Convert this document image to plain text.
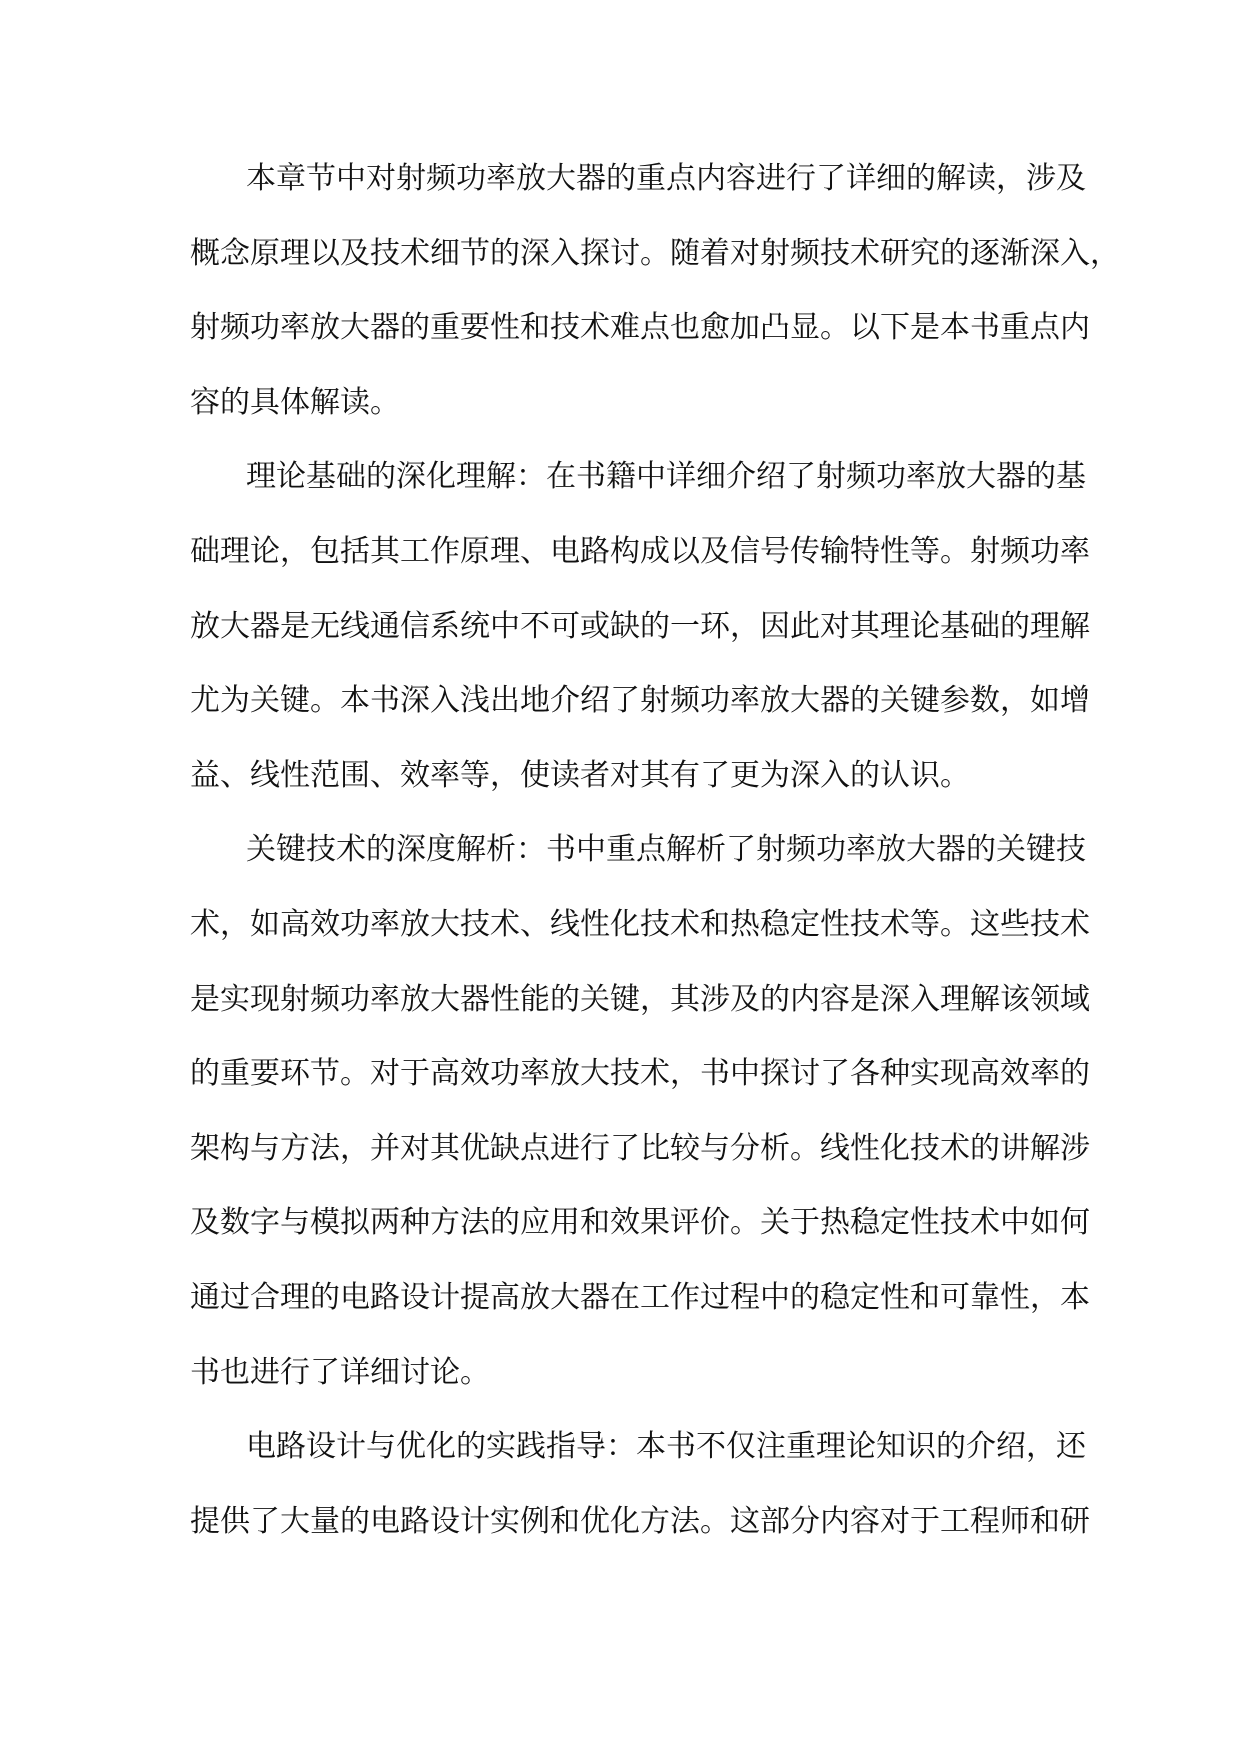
本章节中对射频功率放大器的重点内容进行了详细的解读，涉及
概念原理以及技术细节的深入探讨。随着对射频技术研究的逐渐深入，
射频功率放大器的重要性和技术难点也愈加凸显。以下是本书重点内
容的具体解读。
理论基础的深化理解：在书籍中详细介绍了射频功率放大器的基
础理论，包括其工作原理、电路构成以及信号传输特性等。射频功率
放大器是无线通信系统中不可或缺的一环，因此对其理论基础的理解
尤为关键。本书深入浅出地介绍了射频功率放大器的关键参数，如增
益、线性范围、效率等，使读者对其有了更为深入的认识。
关键技术的深度解析：书中重点解析了射频功率放大器的关键技
术，如高效功率放大技术、线性化技术和热稳定性技术等。这些技术
是实现射频功率放大器性能的关键，其涉及的内容是深入理解该领域
的重要环节。对于高效功率放大技术，书中探讨了各种实现高效率的
架构与方法，并对其优缺点进行了比较与分析。线性化技术的讲解涉
及数字与模拟两种方法的应用和效果评价。关于热稳定性技术中如何
通过合理的电路设计提高放大器在工作过程中的稳定性和可靠性，本
书也进行了详细讨论。
电路设计与优化的实践指导：本书不仅注重理论知识的介绍，还
提供了大量的电路设计实例和优化方法。这部分内容对于工程师和研
